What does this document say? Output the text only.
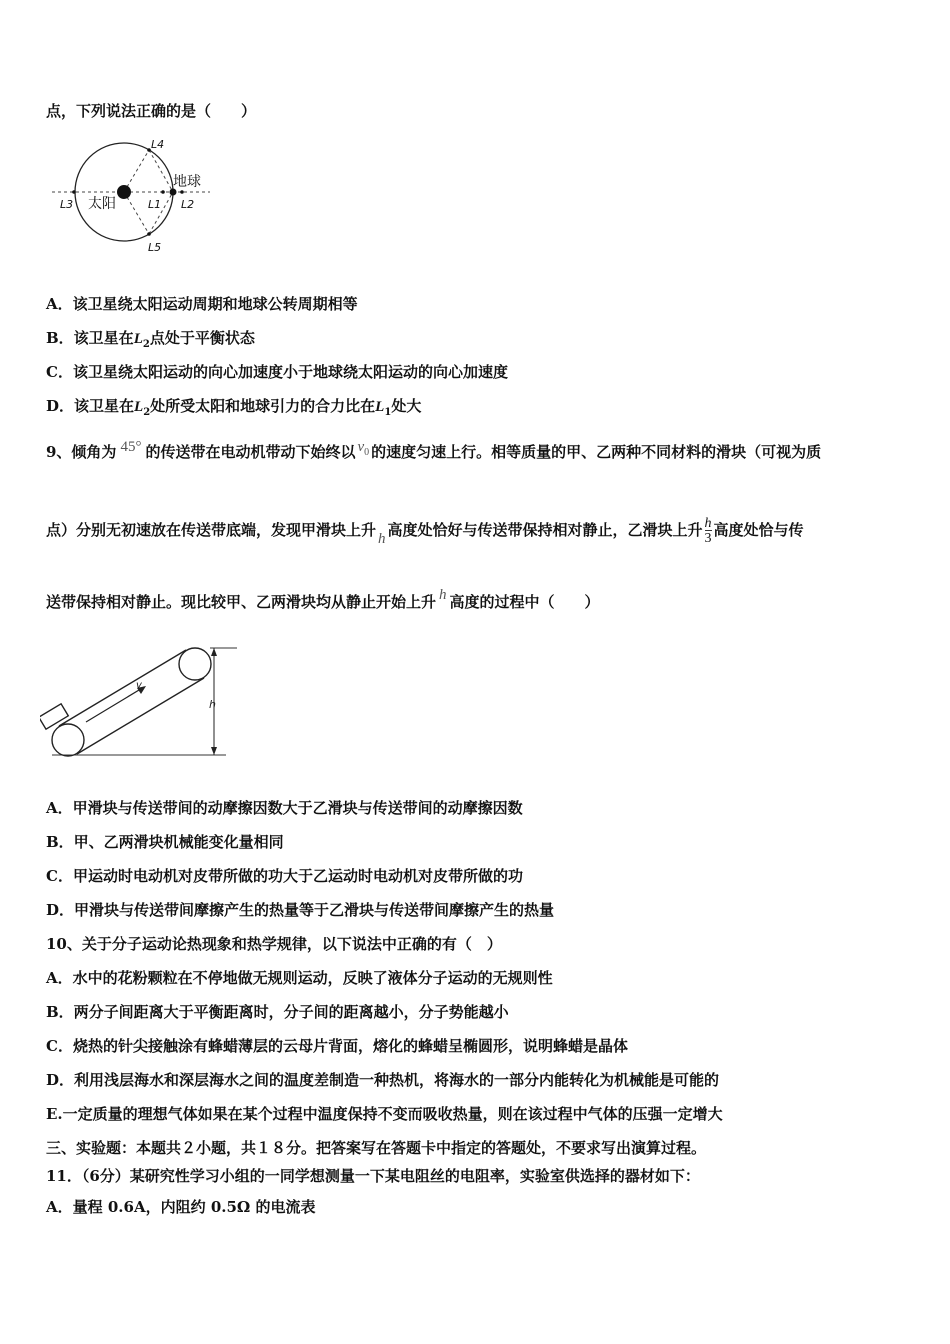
点，下列说法正确的是（　　）
太阳
地球
L1 L2
L3
L4
L5
A．该卫星绕太阳运动周期和地球公转周期相等
B．该卫星在$L_2$点处于平衡状态
C．该卫星绕太阳运动的向心加速度小于地球绕太阳运动的向心加速度
D．该卫星在$L_2$处所受太阳和地球引力的合力比在$L_1$处大
9、倾角为 45° 的传送带在电动机带动下始终以 $v_0$ 的速度匀速上行。相等质量的甲、乙两种不同材料的滑块（可视为质
点）分别无初速放在传送带底端，发现甲滑块上升 h 高度处恰好与传送带保持相对静止，乙滑块上升 $\frac{h}{3}$ 高度处恰与传
送带保持相对静止。现比较甲、乙两滑块均从静止开始上升 h 高度的过程中（　　）
v
h
A．甲滑块与传送带间的动摩擦因数大于乙滑块与传送带间的动摩擦因数
B．甲、乙两滑块机械能变化量相同
C．甲运动时电动机对皮带所做的功大于乙运动时电动机对皮带所做的功
D．甲滑块与传送带间摩擦产生的热量等于乙滑块与传送带间摩擦产生的热量
10、关于分子运动论热现象和热学规律，以下说法中正确的有（　）
A．水中的花粉颗粒在不停地做无规则运动，反映了液体分子运动的无规则性
B．两分子间距离大于平衡距离时，分子间的距离越小，分子势能越小
C．烧热的针尖接触涂有蜂蜡薄层的云母片背面，熔化的蜂蜡呈椭圆形，说明蜂蜡是晶体
D．利用浅层海水和深层海水之间的温度差制造一种热机，将海水的一部分内能转化为机械能是可能的
E.一定质量的理想气体如果在某个过程中温度保持不变而吸收热量，则在该过程中气体的压强一定增大
三、实验题：本题共２小题，共１８分。把答案写在答题卡中指定的答题处，不要求写出演算过程。
11．（6分）某研究性学习小组的一同学想测量一下某电阻丝的电阻率，实验室供选择的器材如下：
A．量程 0.6A，内阻约 0.5Ω 的电流表
